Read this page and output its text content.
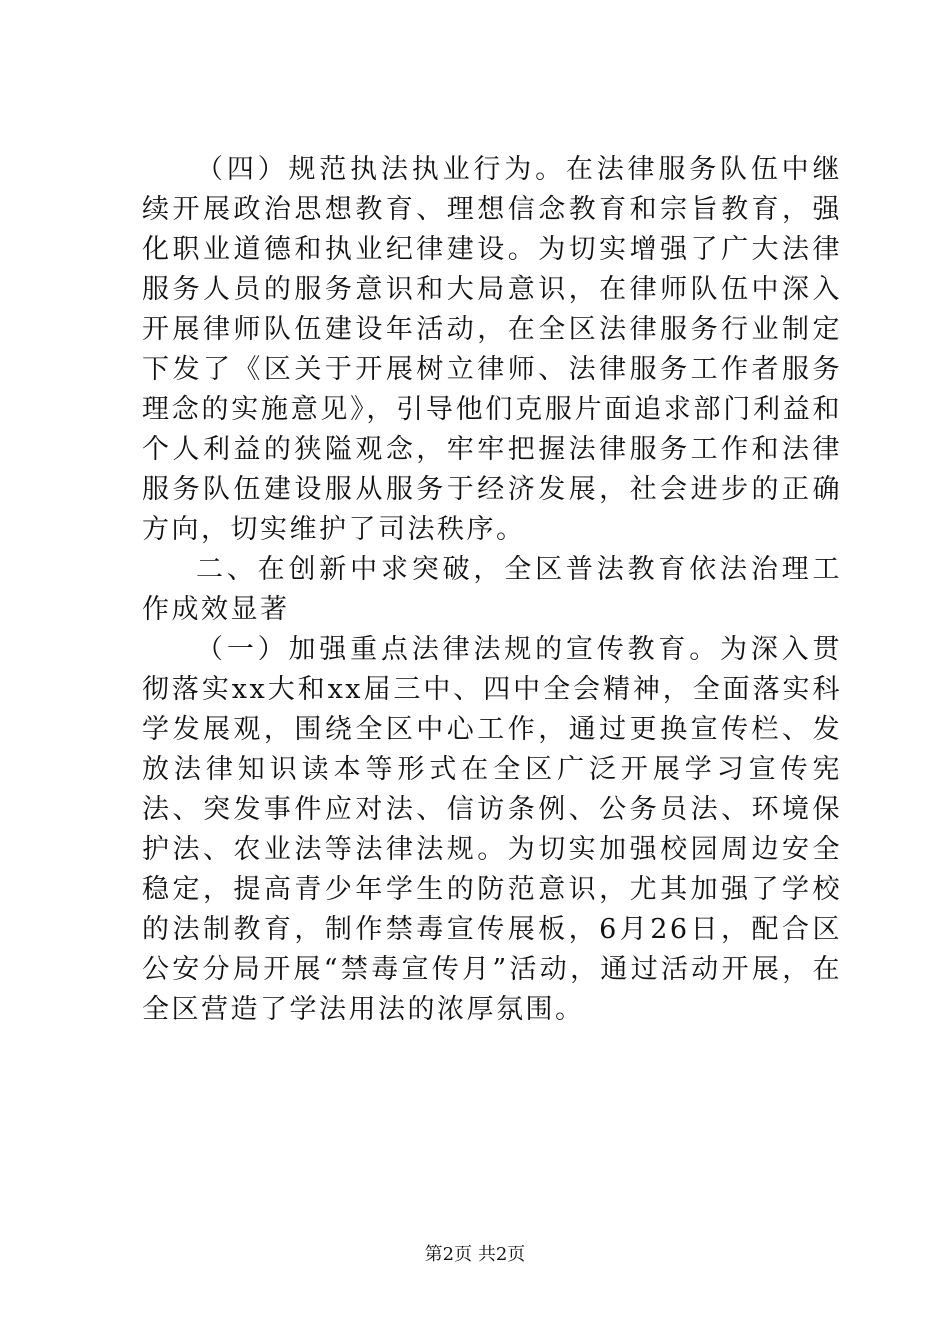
（四）规范执法执业行为。在法律服务队伍中继续开展政治思想教育、理想信念教育和宗旨教育，强化职业道德和执业纪律建设。为切实增强了广大法律服务人员的服务意识和大局意识，在律师队伍中深入开展律师队伍建设年活动，在全区法律服务行业制定下发了《区关于开展树立律师、法律服务工作者服务理念的实施意见》，引导他们克服片面追求部门利益和个人利益的狭隘观念，牢牢把握法律服务工作和法律服务队伍建设服从服务于经济发展，社会进步的正确方向，切实维护了司法秩序。

二、在创新中求突破，全区普法教育依法治理工作成效显著

（一）加强重点法律法规的宣传教育。为深入贯彻落实xx大和xx届三中、四中全会精神，全面落实科学发展观，围绕全区中心工作，通过更换宣传栏、发放法律知识读本等形式在全区广泛开展学习宣传宪法、突发事件应对法、信访条例、公务员法、环境保护法、农业法等法律法规。为切实加强校园周边安全稳定，提高青少年学生的防范意识，尤其加强了学校的法制教育，制作禁毒宣传展板，6月26日，配合区公安分局开展“禁毒宣传月”活动，通过活动开展，在全区营造了学法用法的浓厚氛围。

第2页 共2页
